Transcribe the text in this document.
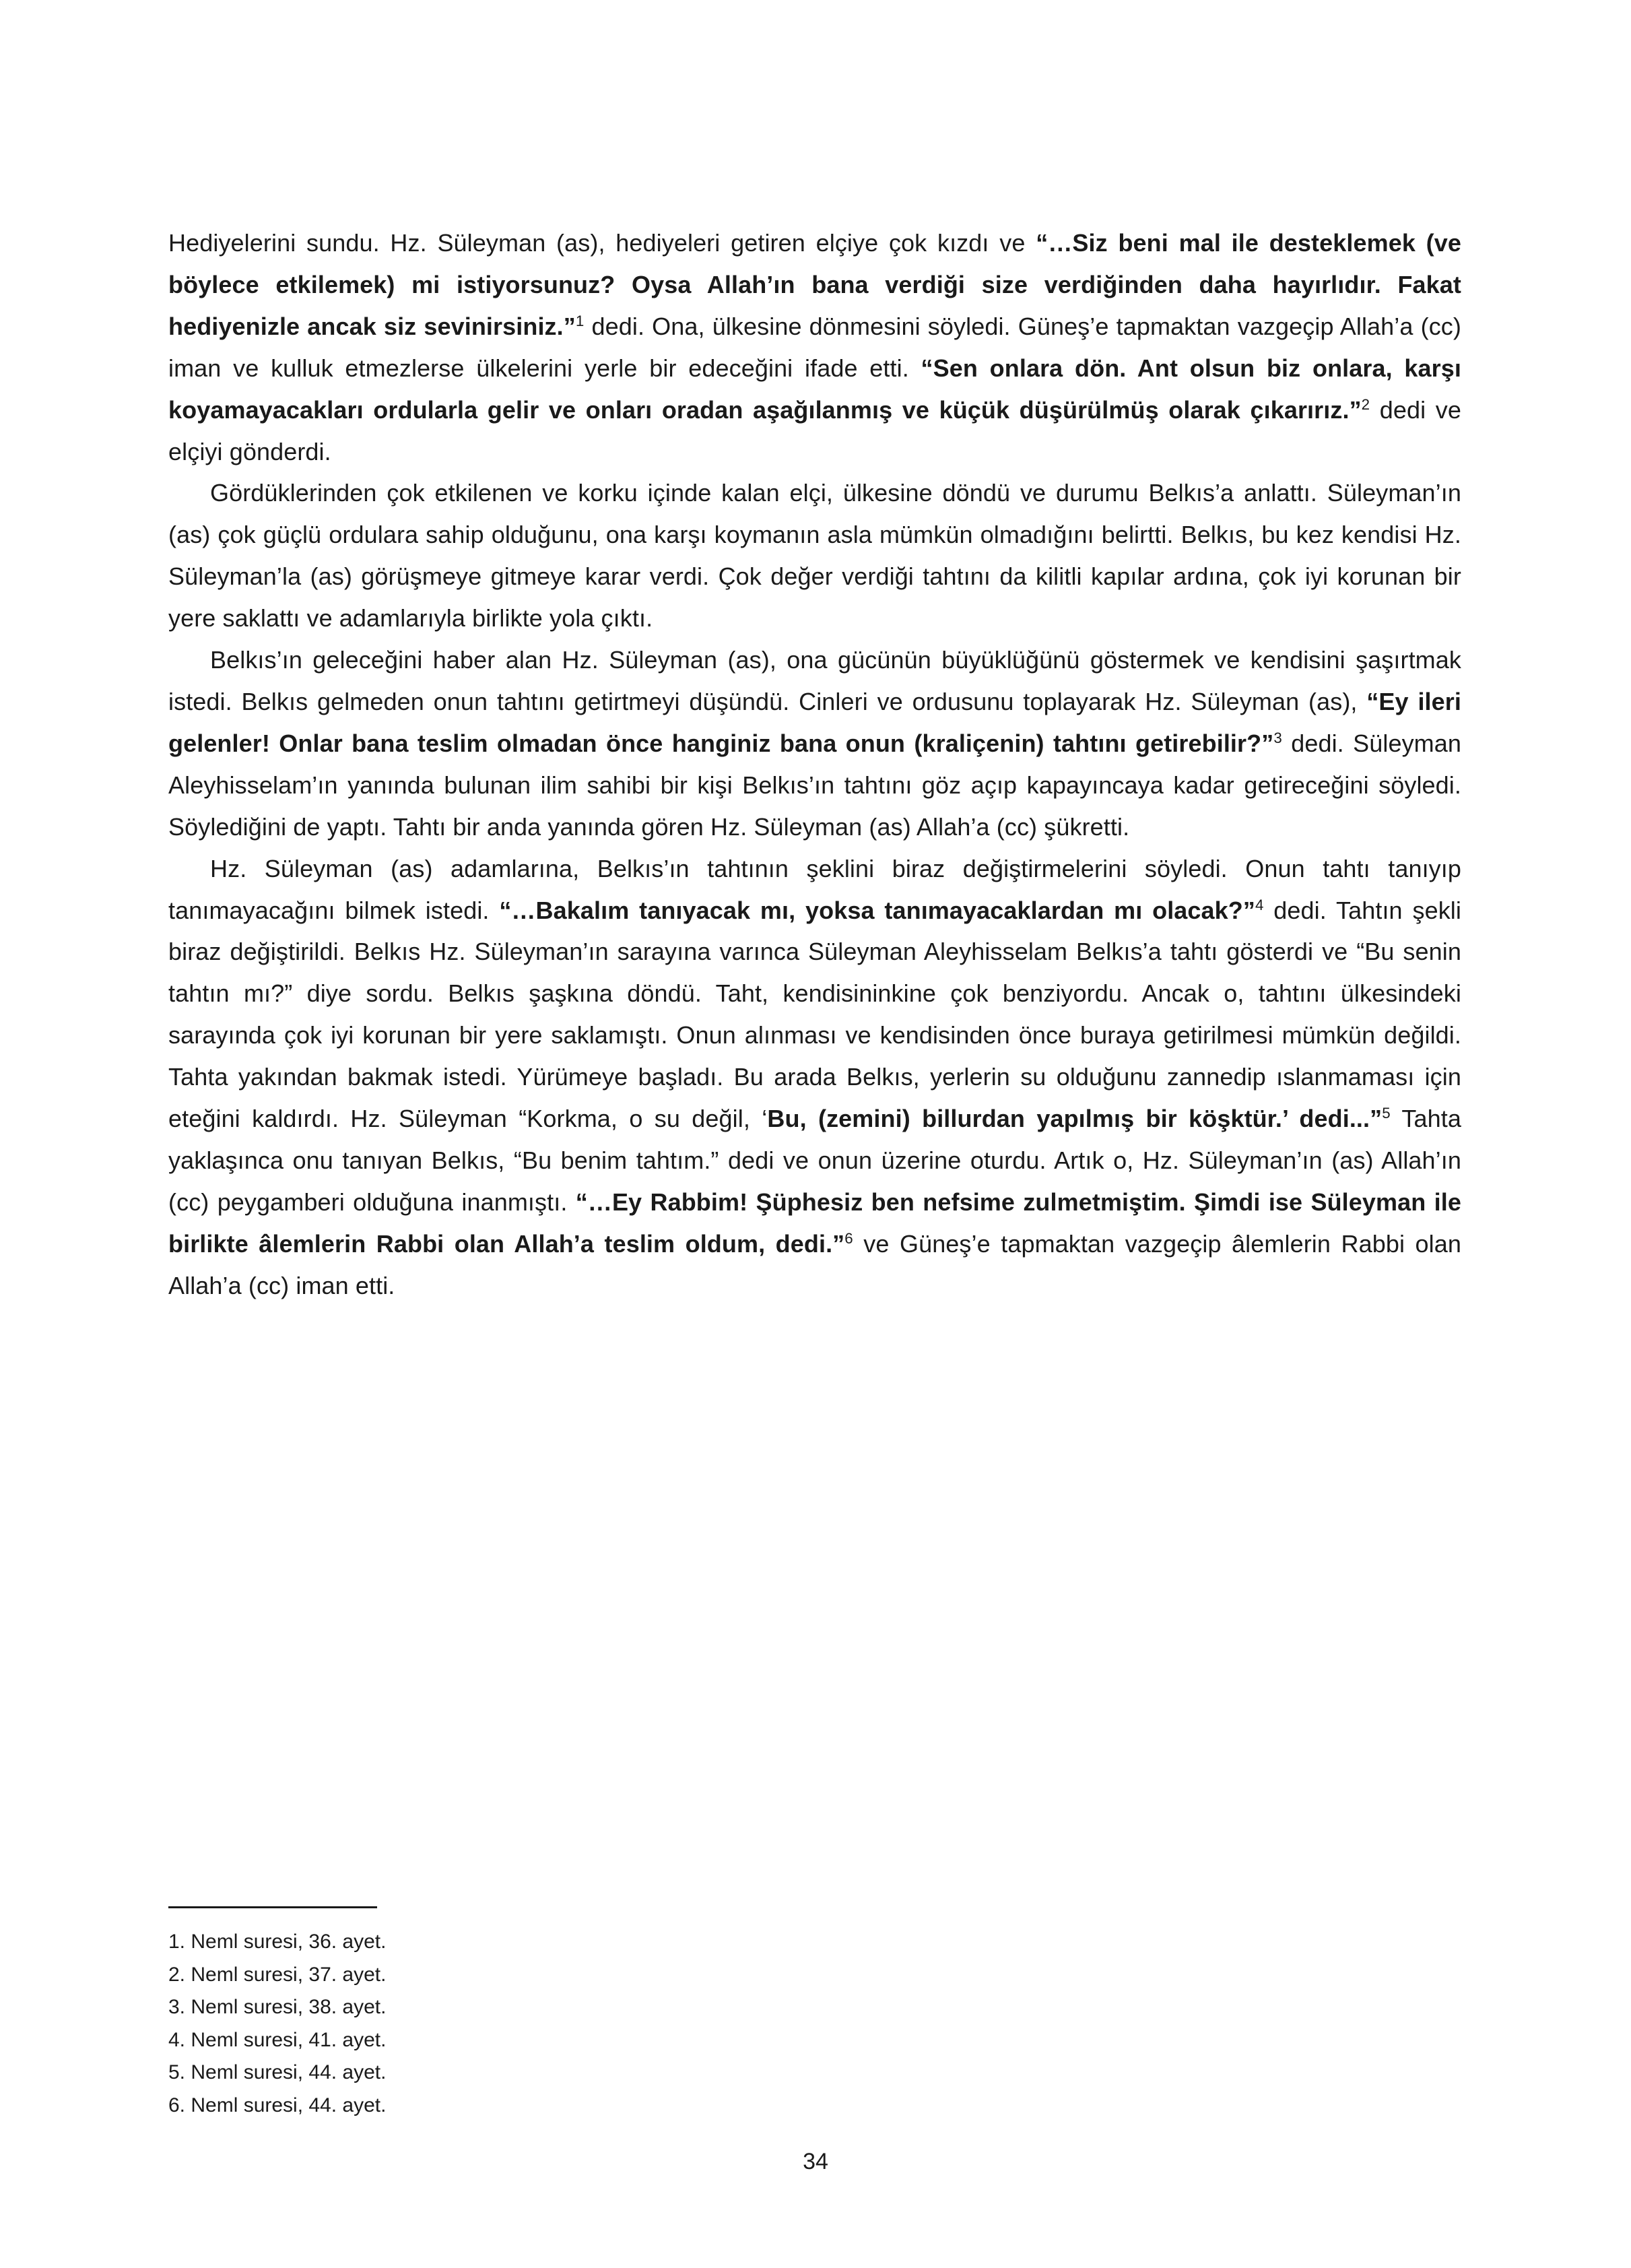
Hediyelerini sundu. Hz. Süleyman (as), hediyeleri getiren elçiye çok kızdı ve “…Siz beni mal ile desteklemek (ve böylece etkilemek) mi istiyorsunuz? Oysa Allah’ın bana verdiği size verdiğinden daha hayırlıdır. Fakat hediyenizle ancak siz sevinirsiniz.”$^1$ dedi. Ona, ülkesine dönmesini söyledi. Güneş’e tapmaktan vazgeçip Allah’a (cc) iman ve kulluk etmezlerse ülkelerini yerle bir edeceğini ifade etti. “Sen onlara dön. Ant olsun biz onlara, karşı koyamayacakları ordularla gelir ve onları oradan aşağılanmış ve küçük düşürülmüş olarak çıkarırız.”$^2$ dedi ve elçiyi gönderdi.

Gördüklerinden çok etkilenen ve korku içinde kalan elçi, ülkesine döndü ve durumu Belkıs’a anlattı. Süleyman’ın (as) çok güçlü ordulara sahip olduğunu, ona karşı koymanın asla mümkün olmadığını belirtti. Belkıs, bu kez kendisi Hz. Süleyman’la (as) görüşmeye gitmeye karar verdi. Çok değer verdiği tahtını da kilitli kapılar ardına, çok iyi korunan bir yere saklattı ve adamlarıyla birlikte yola çıktı.

Belkıs’ın geleceğini haber alan Hz. Süleyman (as), ona gücünün büyüklüğünü göstermek ve kendisini şaşırtmak istedi. Belkıs gelmeden onun tahtını getirtmeyi düşündü. Cinleri ve ordusunu toplayarak Hz. Süleyman (as), “Ey ileri gelenler! Onlar bana teslim olmadan önce hanginiz bana onun (kraliçenin) tahtını getirebilir?”$^3$ dedi. Süleyman Aleyhisselam’ın yanında bulunan ilim sahibi bir kişi Belkıs’ın tahtını göz açıp kapayıncaya kadar getireceğini söyledi. Söylediğini de yaptı. Tahtı bir anda yanında gören Hz. Süleyman (as) Allah’a (cc) şükretti.

Hz. Süleyman (as) adamlarına, Belkıs’ın tahtının şeklini biraz değiştirmelerini söyledi. Onun tahtı tanıyıp tanımayacağını bilmek istedi. “…Bakalım tanıyacak mı, yoksa tanımayacaklardan mı olacak?”$^4$ dedi. Tahtın şekli biraz değiştirildi. Belkıs Hz. Süleyman’ın sarayına varınca Süleyman Aleyhisselam Belkıs’a tahtı gösterdi ve “Bu senin tahtın mı?” diye sordu. Belkıs şaşkına döndü. Taht, kendisininkine çok benziyordu. Ancak o, tahtını ülkesindeki sarayında çok iyi korunan bir yere saklamıştı. Onun alınması ve kendisinden önce buraya getirilmesi mümkün değildi. Tahta yakından bakmak istedi. Yürümeye başladı. Bu arada Belkıs, yerlerin su olduğunu zannedip ıslanmaması için eteğini kaldırdı. Hz. Süleyman “Korkma, o su değil, ‘Bu, (zemini) billurdan yapılmış bir köşktür.’ dedi...”$^5$ Tahta yaklaşınca onu tanıyan Belkıs, “Bu benim tahtım.” dedi ve onun üzerine oturdu. Artık o, Hz. Süleyman’ın (as) Allah’ın (cc) peygamberi olduğuna inanmıştı. “…Ey Rabbim! Şüphesiz ben nefsime zulmetmiştim. Şimdi ise Süleyman ile birlikte âlemlerin Rabbi olan Allah’a teslim oldum, dedi.”$^6$ ve Güneş’e tapmaktan vazgeçip âlemlerin Rabbi olan Allah’a (cc) iman etti.

1. Neml suresi, 36. ayet.

2. Neml suresi, 37. ayet.

3. Neml suresi, 38. ayet.

4. Neml suresi, 41. ayet.

5. Neml suresi, 44. ayet.

6. Neml suresi, 44. ayet.

34
